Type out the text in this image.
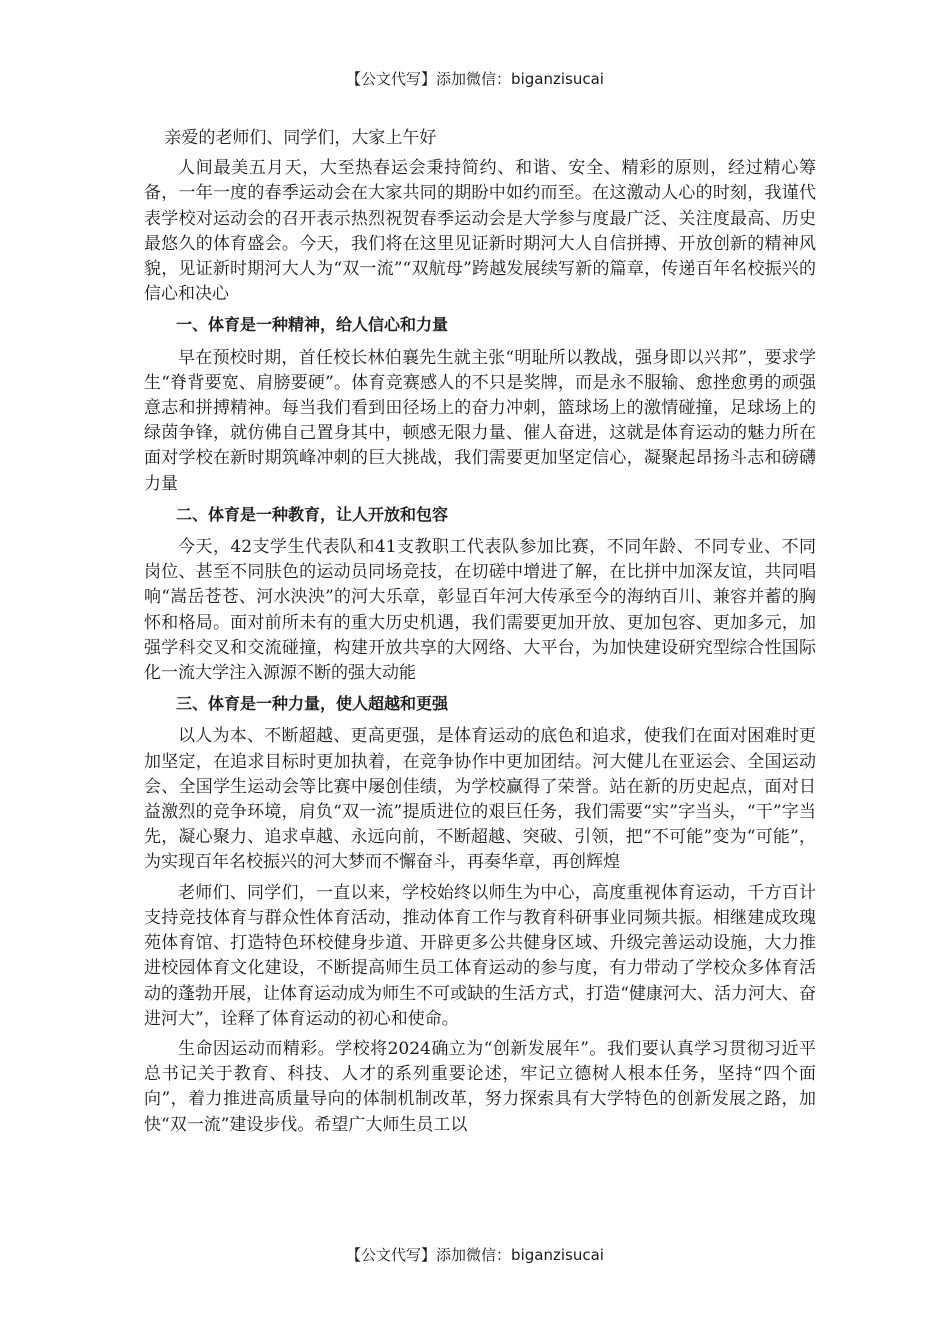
【公文代写】添加微信：biganzisucai

亲爱的老师们、同学们，大家上午好

人间最美五月天，大至热春运会秉持简约、和谐、安全、精彩的原则，经过精心筹备，一年一度的春季运动会在大家共同的期盼中如约而至。在这激动人心的时刻，我谨代表学校对运动会的召开表示热烈祝贺春季运动会是大学参与度最广泛、关注度最高、历史最悠久的体育盛会。今天，我们将在这里见证新时期河大人自信拼搏、开放创新的精神风貌，见证新时期河大人为“双一流”“双航母”跨越发展续写新的篇章，传递百年名校振兴的信心和决心

一、体育是一种精神，给人信心和力量

早在预校时期，首任校长林伯襄先生就主张“明耻所以教战，强身即以兴邦”，要求学生“脊背要宽、肩膀要硬”。体育竞赛感人的不只是奖牌，而是永不服输、愈挫愈勇的顽强意志和拼搏精神。每当我们看到田径场上的奋力冲刺，篮球场上的激情碰撞，足球场上的绿茵争锋，就仿佛自己置身其中，顿感无限力量、催人奋进，这就是体育运动的魅力所在面对学校在新时期筑峰冲刺的巨大挑战，我们需要更加坚定信心，凝聚起昂扬斗志和磅礴力量

二、体育是一种教育，让人开放和包容

今天，42支学生代表队和41支教职工代表队参加比赛，不同年龄、不同专业、不同岗位、甚至不同肤色的运动员同场竞技，在切磋中增进了解，在比拼中加深友谊，共同唱响“嵩岳苍苍、河水泱泱”的河大乐章，彰显百年河大传承至今的海纳百川、兼容并蓄的胸怀和格局。面对前所未有的重大历史机遇，我们需要更加开放、更加包容、更加多元，加强学科交叉和交流碰撞，构建开放共享的大网络、大平台，为加快建设研究型综合性国际化一流大学注入源源不断的强大动能

三、体育是一种力量，使人超越和更强

以人为本、不断超越、更高更强，是体育运动的底色和追求，使我们在面对困难时更加坚定，在追求目标时更加执着，在竞争协作中更加团结。河大健儿在亚运会、全国运动会、全国学生运动会等比赛中屡创佳绩，为学校赢得了荣誉。站在新的历史起点，面对日益激烈的竞争环境，肩负“双一流”提质进位的艰巨任务，我们需要“实”字当头，“干”字当先，凝心聚力、追求卓越、永远向前，不断超越、突破、引领，把“不可能”变为“可能”，为实现百年名校振兴的河大梦而不懈奋斗，再奏华章，再创辉煌

老师们、同学们，一直以来，学校始终以师生为中心，高度重视体育运动，千方百计支持竞技体育与群众性体育活动，推动体育工作与教育科研事业同频共振。相继建成玫瑰苑体育馆、打造特色环校健身步道、开辟更多公共健身区域、升级完善运动设施，大力推进校园体育文化建设，不断提高师生员工体育运动的参与度，有力带动了学校众多体育活动的蓬勃开展，让体育运动成为师生不可或缺的生活方式，打造“健康河大、活力河大、奋进河大”，诠释了体育运动的初心和使命。

生命因运动而精彩。学校将2024确立为“创新发展年”。我们要认真学习贯彻习近平总书记关于教育、科技、人才的系列重要论述，牢记立德树人根本任务，坚持“四个面向”，着力推进高质量导向的体制机制改革，努力探索具有大学特色的创新发展之路，加快“双一流”建设步伐。希望广大师生员工以

【公文代写】添加微信：biganzisucai
